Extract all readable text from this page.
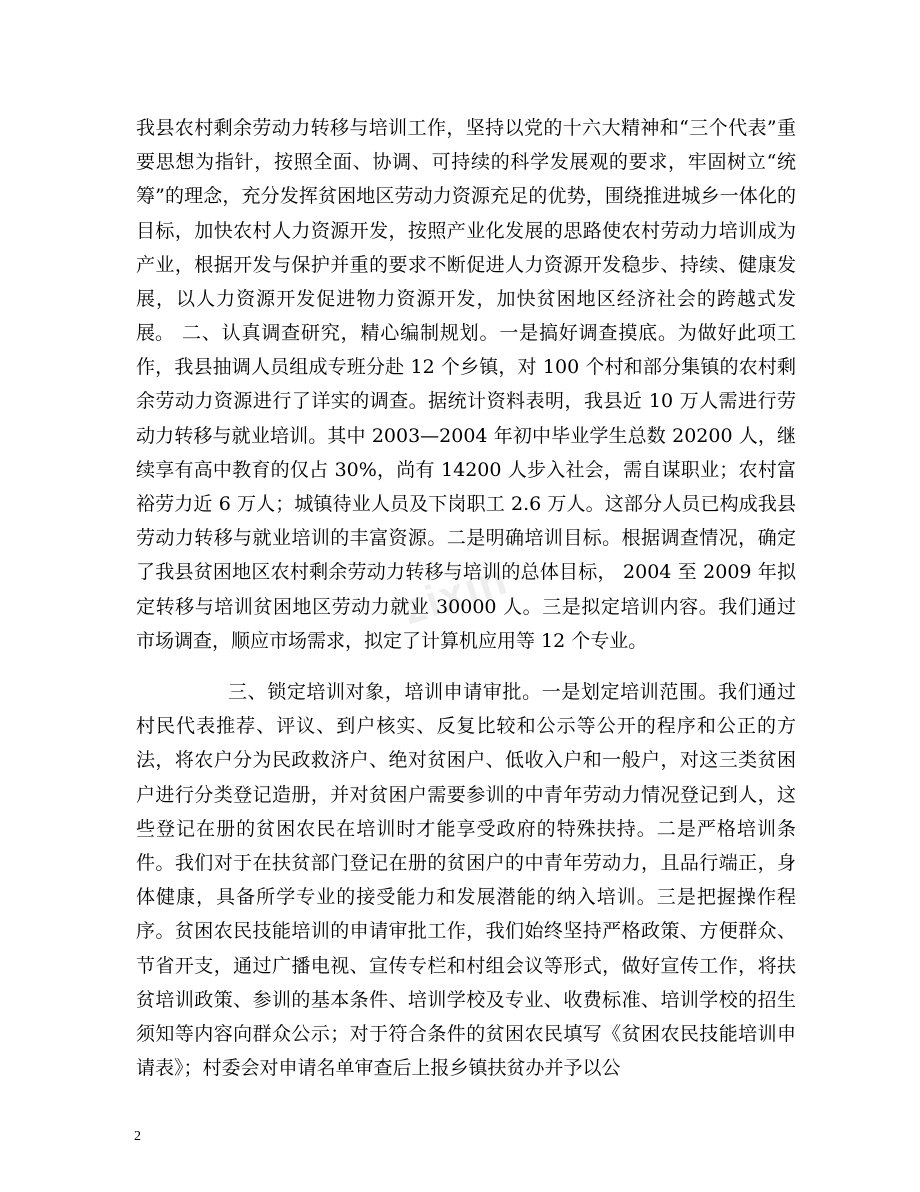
zixin

我县农村剩余劳动力转移与培训工作，坚持以党的十六大精神和“三个代表”重要思想为指针，按照全面、协调、可持续的科学发展观的要求，牢固树立“统筹”的理念，充分发挥贫困地区劳动力资源充足的优势，围绕推进城乡一体化的目标，加快农村人力资源开发，按照产业化发展的思路使农村劳动力培训成为产业，根据开发与保护并重的要求不断促进人力资源开发稳步、持续、健康发展，以人力资源开发促进物力资源开发，加快贫困地区经济社会的跨越式发展。 二、认真调查研究，精心编制规划。一是搞好调查摸底。为做好此项工作，我县抽调人员组成专班分赴 12 个乡镇，对 100 个村和部分集镇的农村剩余劳动力资源进行了详实的调查。据统计资料表明，我县近 10 万人需进行劳动力转移与就业培训。其中 2003—2004 年初中毕业学生总数 20200 人，继续享有高中教育的仅占 30%，尚有 14200 人步入社会，需自谋职业；农村富裕劳力近 6 万人；城镇待业人员及下岗职工 2.6 万人。这部分人员已构成我县劳动力转移与就业培训的丰富资源。二是明确培训目标。根据调查情况，确定了我县贫困地区农村剩余劳动力转移与培训的总体目标， 2004 至 2009 年拟定转移与培训贫困地区劳动力就业 30000 人。三是拟定培训内容。我们通过市场调查，顺应市场需求，拟定了计算机应用等 12 个专业。

三、锁定培训对象，培训申请审批。一是划定培训范围。我们通过村民代表推荐、评议、到户核实、反复比较和公示等公开的程序和公正的方法，将农户分为民政救济户、绝对贫困户、低收入户和一般户，对这三类贫困户进行分类登记造册，并对贫困户需要参训的中青年劳动力情况登记到人，这些登记在册的贫困农民在培训时才能享受政府的特殊扶持。二是严格培训条件。我们对于在扶贫部门登记在册的贫困户的中青年劳动力，且品行端正，身体健康，具备所学专业的接受能力和发展潜能的纳入培训。三是把握操作程序。贫困农民技能培训的申请审批工作，我们始终坚持严格政策、方便群众、节省开支，通过广播电视、宣传专栏和村组会议等形式，做好宣传工作，将扶贫培训政策、参训的基本条件、培训学校及专业、收费标准、培训学校的招生须知等内容向群众公示；对于符合条件的贫困农民填写《贫困农民技能培训申请表》；村委会对申请名单审查后上报乡镇扶贫办并予以公

2
